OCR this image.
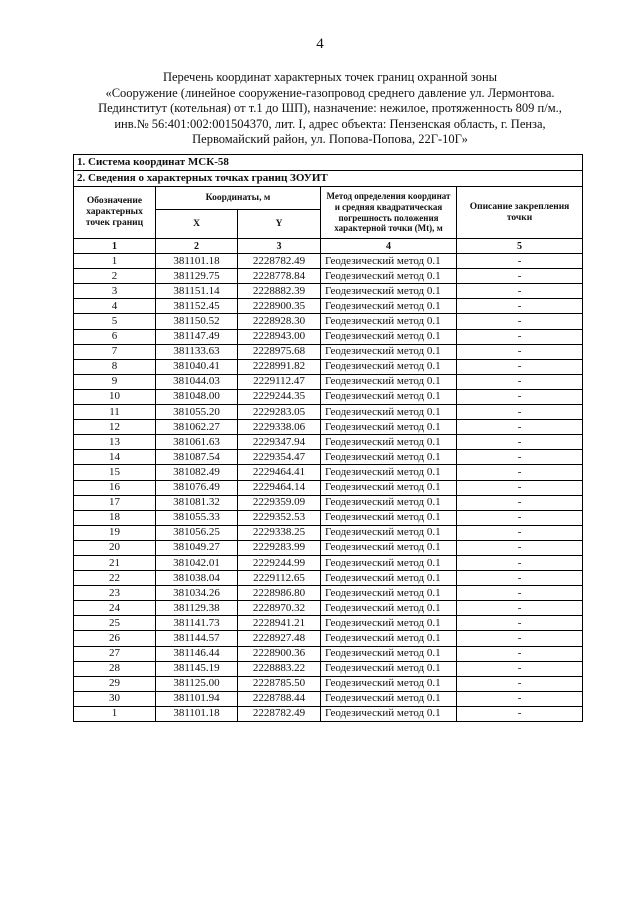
4
Перечень координат характерных точек границ охранной зоны
«Сооружение (линейное сооружение-газопровод среднего давление ул. Лермонтова.
Пединститут (котельная) от т.1 до ШП), назначение: нежилое, протяженность 809 п/м.,
инв.№ 56:401:002:001504370, лит. I, адрес объекта: Пензенская область, г. Пенза,
Первомайский район, ул. Попова-Попова, 22Г-10Г»
1. Система координат МСК-58				
2. Сведения о характерных точках границ ЗОУИТ				
Обозначение характерных точек границ	Координаты, м		Метод определения координат и средняя квадратическая погрешность положения характерной точки (Мt), м	Описание закрепления точки
	X	Y		
1	2	3	4	5
1	381101.18	2228782.49	Геодезический метод 0.1	-
2	381129.75	2228778.84	Геодезический метод 0.1	-
3	381151.14	2228882.39	Геодезический метод 0.1	-
4	381152.45	2228900.35	Геодезический метод 0.1	-
5	381150.52	2228928.30	Геодезический метод 0.1	-
6	381147.49	2228943.00	Геодезический метод 0.1	-
7	381133.63	2228975.68	Геодезический метод 0.1	-
8	381040.41	2228991.82	Геодезический метод 0.1	-
9	381044.03	2229112.47	Геодезический метод 0.1	-
10	381048.00	2229244.35	Геодезический метод 0.1	-
11	381055.20	2229283.05	Геодезический метод 0.1	-
12	381062.27	2229338.06	Геодезический метод 0.1	-
13	381061.63	2229347.94	Геодезический метод 0.1	-
14	381087.54	2229354.47	Геодезический метод 0.1	-
15	381082.49	2229464.41	Геодезический метод 0.1	-
16	381076.49	2229464.14	Геодезический метод 0.1	-
17	381081.32	2229359.09	Геодезический метод 0.1	-
18	381055.33	2229352.53	Геодезический метод 0.1	-
19	381056.25	2229338.25	Геодезический метод 0.1	-
20	381049.27	2229283.99	Геодезический метод 0.1	-
21	381042.01	2229244.99	Геодезический метод 0.1	-
22	381038.04	2229112.65	Геодезический метод 0.1	-
23	381034.26	2228986.80	Геодезический метод 0.1	-
24	381129.38	2228970.32	Геодезический метод 0.1	-
25	381141.73	2228941.21	Геодезический метод 0.1	-
26	381144.57	2228927.48	Геодезический метод 0.1	-
27	381146.44	2228900.36	Геодезический метод 0.1	-
28	381145.19	2228883.22	Геодезический метод 0.1	-
29	381125.00	2228785.50	Геодезический метод 0.1	-
30	381101.94	2228788.44	Геодезический метод 0.1	-
1	381101.18	2228782.49	Геодезический метод 0.1	-
